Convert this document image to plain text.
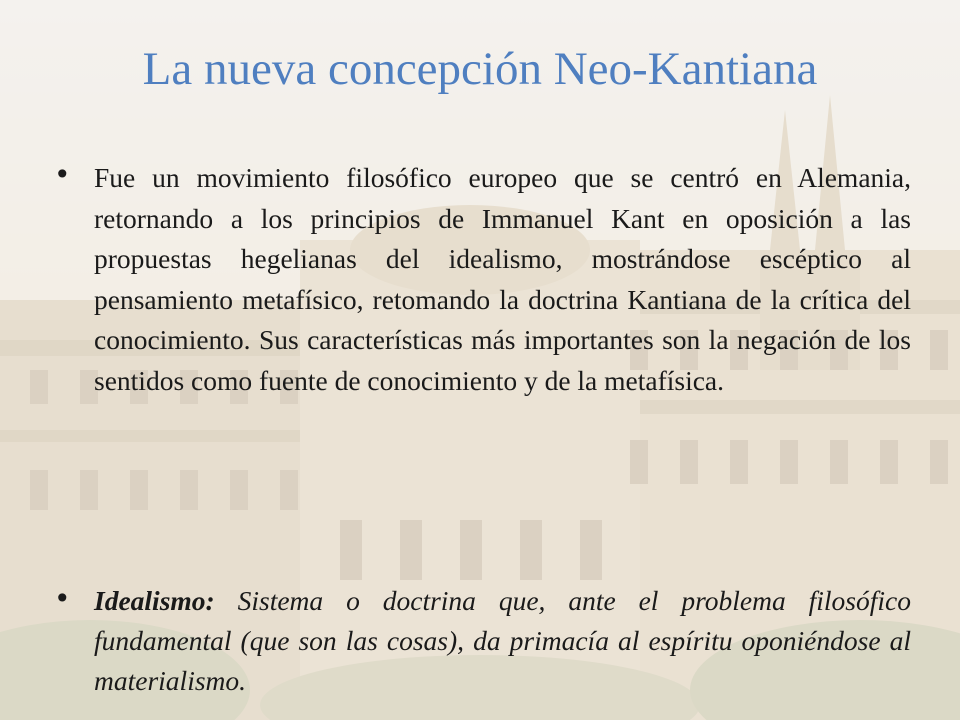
La nueva concepción Neo-Kantiana
• Fue un movimiento filosófico europeo que se centró en Alemania, retornando a los principios de Immanuel Kant en oposición a las propuestas hegelianas del idealismo, mostrándose escéptico al pensamiento metafísico, retomando la doctrina Kantiana de la crítica del conocimiento. Sus características más importantes son la negación de los sentidos como fuente de conocimiento y de la metafísica.

• Idealismo: Sistema o doctrina que, ante el problema filosófico fundamental (que son las cosas), da primacía al espíritu oponiéndose al materialismo.
